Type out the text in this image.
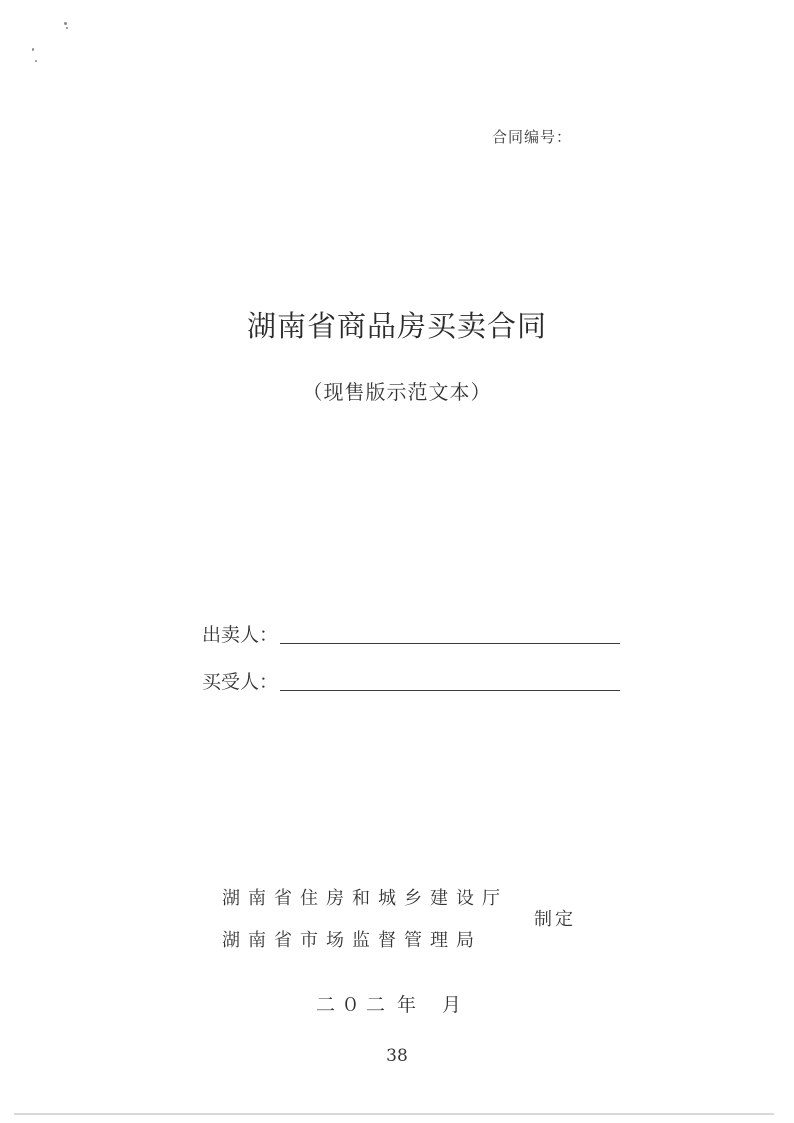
合同编号：
湖南省商品房买卖合同
（现售版示范文本）
出卖人：
买受人：
湖南省住房和城乡建设厅
湖南省市场监督管理局
制定
二０二 年 月
38
